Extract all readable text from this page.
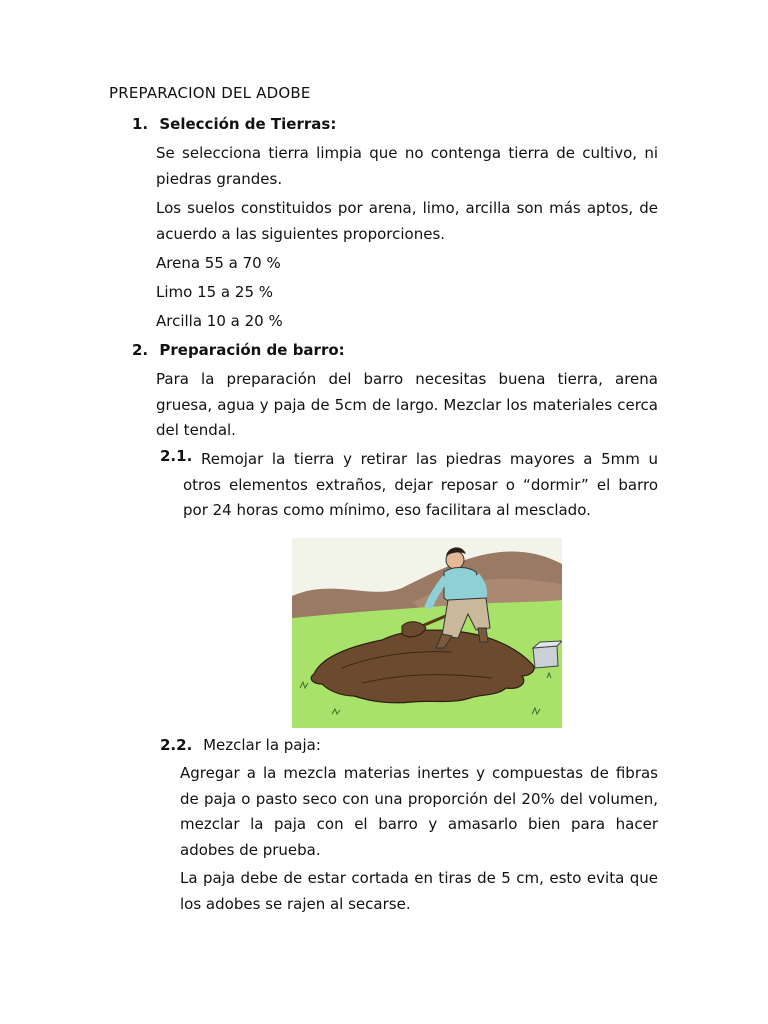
PREPARACION DEL ADOBE
1. Selección de Tierras:
Se selecciona tierra limpia que no contenga tierra de cultivo, ni piedras grandes.
Los suelos constituidos por arena, limo, arcilla son más aptos, de acuerdo a las siguientes proporciones.
Arena 55 a 70 %
Limo 15 a 25 %
Arcilla 10 a 20 %
2. Preparación de barro:
Para la preparación del barro necesitas buena tierra, arena gruesa, agua y paja de 5cm de largo. Mezclar los materiales cerca del tendal.
2.1. Remojar la tierra y retirar las piedras mayores a 5mm u otros elementos extraños, dejar reposar o “dormir” el barro por 24 horas como mínimo, eso facilitara al mesclado.
2.2. Mezclar la paja:
Agregar a la mezcla materias inertes y compuestas de fibras de paja o pasto seco con una proporción del 20% del volumen, mezclar la paja con el barro y amasarlo bien para hacer adobes de prueba.
La paja debe de estar cortada en tiras de 5 cm, esto evita que los adobes se rajen al secarse.
